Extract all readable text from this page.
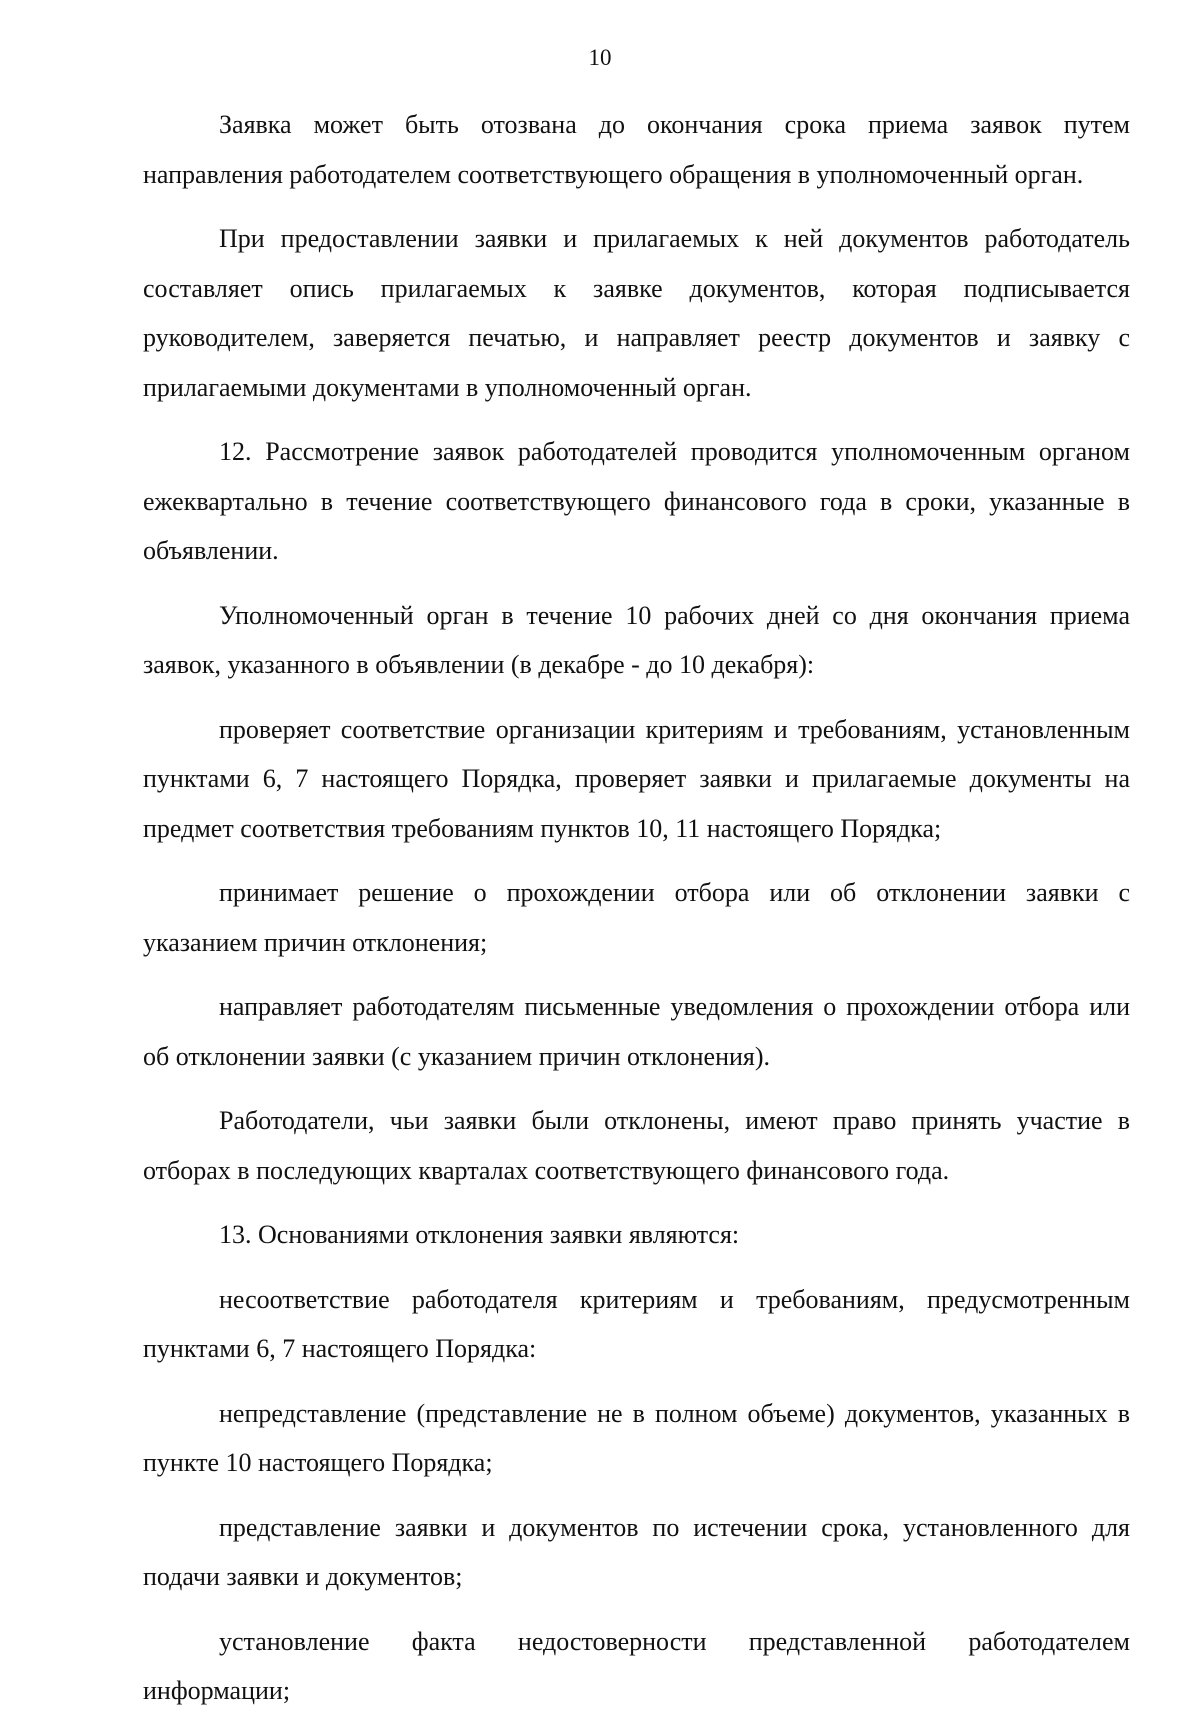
10

Заявка может быть отозвана до окончания срока приема заявок путем направления работодателем соответствующего обращения в уполномоченный орган.

При предоставлении заявки и прилагаемых к ней документов работодатель составляет опись прилагаемых к заявке документов, которая подписывается руководителем, заверяется печатью, и направляет реестр документов и заявку с прилагаемыми документами в уполномоченный орган.

12. Рассмотрение заявок работодателей проводится уполномоченным органом ежеквартально в течение соответствующего финансового года в сроки, указанные в объявлении.

Уполномоченный орган в течение 10 рабочих дней со дня окончания приема заявок, указанного в объявлении (в декабре - до 10 декабря):

проверяет соответствие организации критериям и требованиям, установленным пунктами 6, 7 настоящего Порядка, проверяет заявки и прилагаемые документы на предмет соответствия требованиям пунктов 10, 11 настоящего Порядка;

принимает решение о прохождении отбора или об отклонении заявки с указанием причин отклонения;

направляет работодателям письменные уведомления о прохождении отбора или об отклонении заявки (с указанием причин отклонения).

Работодатели, чьи заявки были отклонены, имеют право принять участие в отборах в последующих кварталах соответствующего финансового года.

13. Основаниями отклонения заявки являются:

несоответствие работодателя критериям и требованиям, предусмотренным пунктами 6, 7 настоящего Порядка:

непредставление (представление не в полном объеме) документов, указанных в пункте 10 настоящего Порядка;

представление заявки и документов по истечении срока, установленного для подачи заявки и документов;

установление факта недостоверности представленной работодателем информации;
